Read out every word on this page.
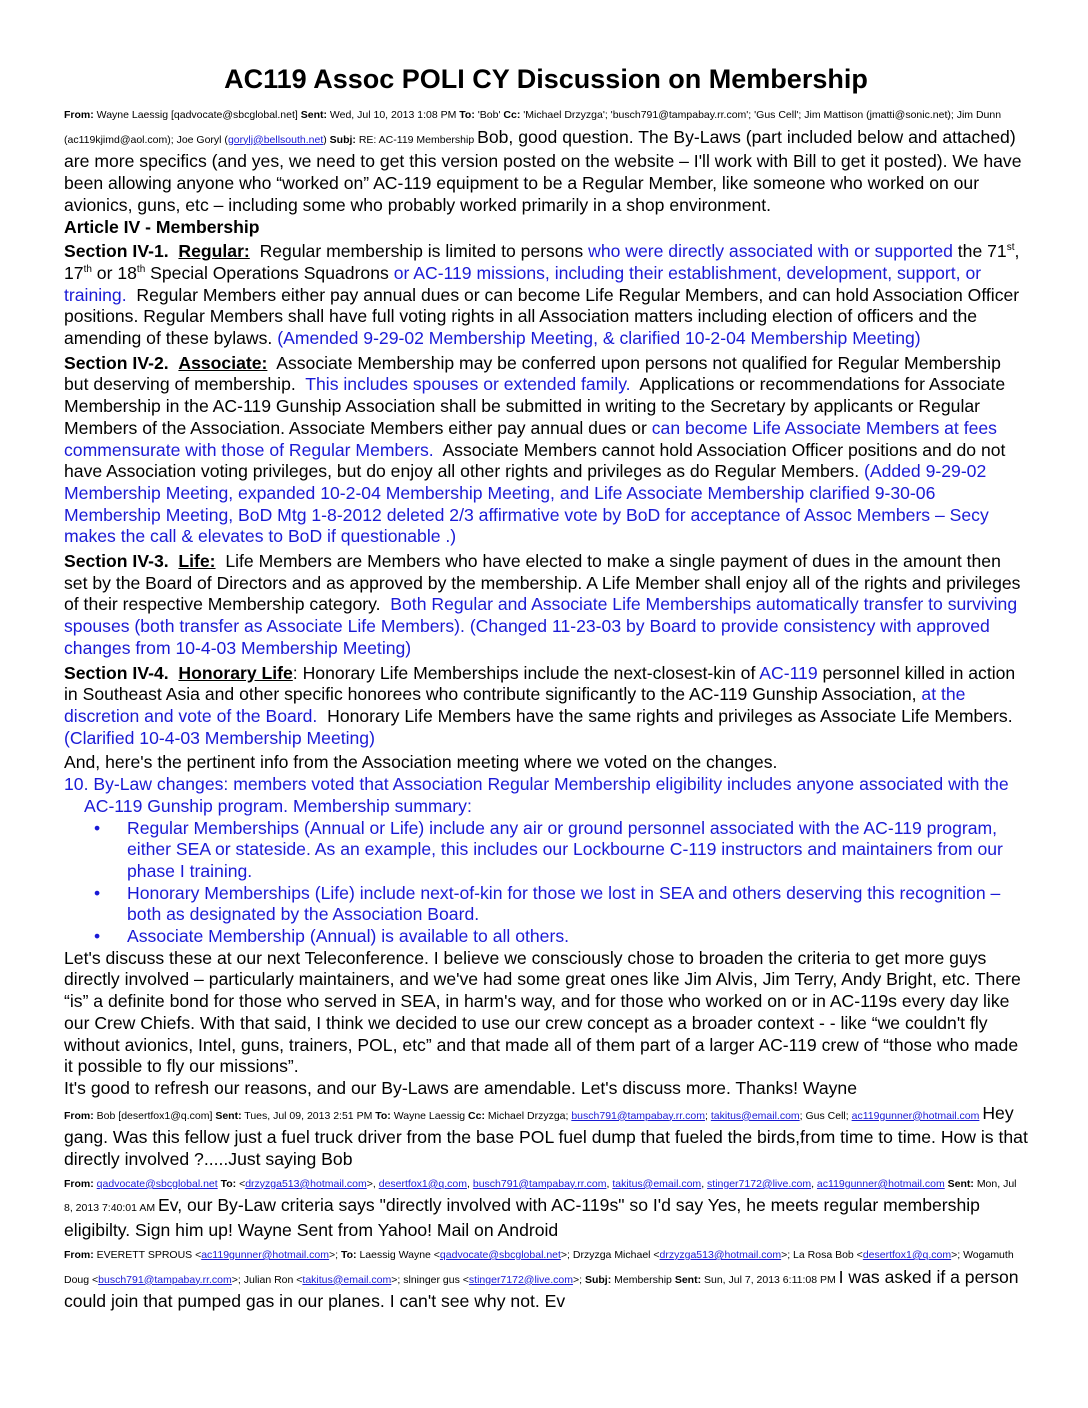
AC119 Assoc POLI CY Discussion on Membership

From: Wayne Laessig [qadvocate@sbcglobal.net] Sent: Wed, Jul 10, 2013 1:08 PM To: 'Bob' Cc: 'Michael Drzyzga'; 'busch791@tampabay.rr.com'; 'Gus Cell'; Jim Mattison (jmatti@sonic.net); Jim Dunn (ac119kjimd@aol.com); Joe Goryl (gorylj@bellsouth.net) Subj: RE: AC-119 Membership Bob, good question. The By-Laws (part included below and attached) are more specifics (and yes, we need to get this version posted on the website – I'll work with Bill to get it posted). We have been allowing anyone who “worked on” AC-119 equipment to be a Regular Member, like someone who worked on our avionics, guns, etc – including some who probably worked primarily in a shop environment.

Article IV - Membership

Section IV-1. Regular: Regular membership is limited to persons who were directly associated with or supported the 71st, 17th or 18th Special Operations Squadrons or AC-119 missions, including their establishment, development, support, or training. Regular Members either pay annual dues or can become Life Regular Members, and can hold Association Officer positions. Regular Members shall have full voting rights in all Association matters including election of officers and the amending of these bylaws. (Amended 9-29-02 Membership Meeting, & clarified 10-2-04 Membership Meeting)

Section IV-2. Associate: Associate Membership may be conferred upon persons not qualified for Regular Membership but deserving of membership. This includes spouses or extended family. Applications or recommendations for Associate Membership in the AC-119 Gunship Association shall be submitted in writing to the Secretary by applicants or Regular Members of the Association. Associate Members either pay annual dues or can become Life Associate Members at fees commensurate with those of Regular Members. Associate Members cannot hold Association Officer positions and do not have Association voting privileges, but do enjoy all other rights and privileges as do Regular Members. (Added 9-29-02 Membership Meeting, expanded 10-2-04 Membership Meeting, and Life Associate Membership clarified 9-30-06 Membership Meeting, BoD Mtg 1-8-2012 deleted 2/3 affirmative vote by BoD for acceptance of Assoc Members – Secy makes the call & elevates to BoD if questionable .)

Section IV-3. Life: Life Members are Members who have elected to make a single payment of dues in the amount then set by the Board of Directors and as approved by the membership. A Life Member shall enjoy all of the rights and privileges of their respective Membership category. Both Regular and Associate Life Memberships automatically transfer to surviving spouses (both transfer as Associate Life Members). (Changed 11-23-03 by Board to provide consistency with approved changes from 10-4-03 Membership Meeting)

Section IV-4. Honorary Life: Honorary Life Memberships include the next-closest-kin of AC-119 personnel killed in action in Southeast Asia and other specific honorees who contribute significantly to the AC-119 Gunship Association, at the discretion and vote of the Board. Honorary Life Members have the same rights and privileges as Associate Life Members. (Clarified 10-4-03 Membership Meeting)

And, here's the pertinent info from the Association meeting where we voted on the changes.

10. By-Law changes: members voted that Association Regular Membership eligibility includes anyone associated with the AC-119 Gunship program. Membership summary:

• Regular Memberships (Annual or Life) include any air or ground personnel associated with the AC-119 program, either SEA or stateside. As an example, this includes our Lockbourne C-119 instructors and maintainers from our phase I training.
• Honorary Memberships (Life) include next-of-kin for those we lost in SEA and others deserving this recognition – both as designated by the Association Board.
• Associate Membership (Annual) is available to all others.

Let's discuss these at our next Teleconference. I believe we consciously chose to broaden the criteria to get more guys directly involved – particularly maintainers, and we've had some great ones like Jim Alvis, Jim Terry, Andy Bright, etc. There “is” a definite bond for those who served in SEA, in harm's way, and for those who worked on or in AC-119s every day like our Crew Chiefs. With that said, I think we decided to use our crew concept as a broader context - - like “we couldn't fly without avionics, Intel, guns, trainers, POL, etc” and that made all of them part of a larger AC-119 crew of “those who made it possible to fly our missions”.

It's good to refresh our reasons, and our By-Laws are amendable. Let's discuss more. Thanks! Wayne

From: Bob [desertfox1@q.com] Sent: Tues, Jul 09, 2013 2:51 PM To: Wayne Laessig Cc: Michael Drzyzga; busch791@tampabay.rr.com; takitus@email.com; Gus Cell; ac119gunner@hotmail.com Hey gang. Was this fellow just a fuel truck driver from the base POL fuel dump that fueled the birds,from time to time. How is that directly involved ?.....Just saying Bob

From: qadvocate@sbcglobal.net To: <drzyzga513@hotmail.com>, desertfox1@q.com, busch791@tampabay.rr.com, takitus@email.com, stinger7172@live.com, ac119gunner@hotmail.com Sent: Mon, Jul 8, 2013 7:40:01 AM Ev, our By-Law criteria says "directly involved with AC-119s" so I'd say Yes, he meets regular membership eligibilty. Sign him up! Wayne Sent from Yahoo! Mail on Android

From: EVERETT SPROUS <ac119gunner@hotmail.com>; To: Laessig Wayne <qadvocate@sbcglobal.net>; Drzyzga Michael <drzyzga513@hotmail.com>; La Rosa Bob <desertfox1@q.com>; Wogamuth Doug <busch791@tampabay.rr.com>; Julian Ron <takitus@email.com>; slninger gus <stinger7172@live.com>; Subj: Membership Sent: Sun, Jul 7, 2013 6:11:08 PM I was asked if a person could join that pumped gas in our planes. I can't see why not. Ev
